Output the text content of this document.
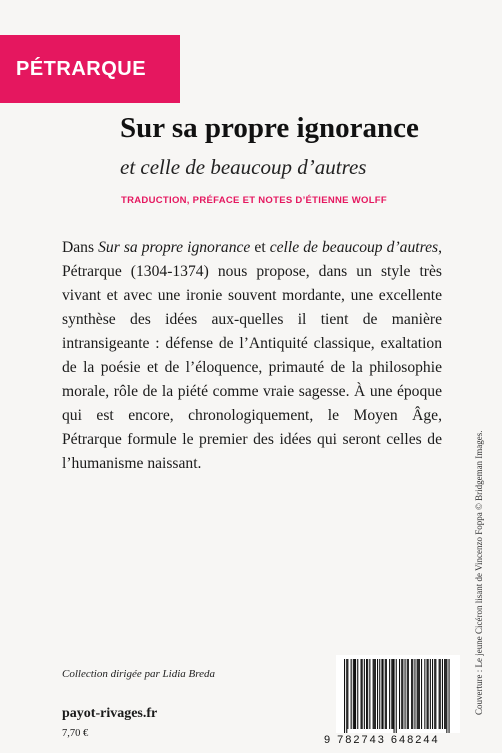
PÉTRARQUE
Sur sa propre ignorance
et celle de beaucoup d’autres
TRADUCTION, PRÉFACE ET NOTES D’ÉTIENNE WOLFF

Dans Sur sa propre ignorance et celle de beaucoup d’autres, Pétrarque (1304-1374) nous propose, dans un style très vivant et avec une ironie souvent mordante, une excellente synthèse des idées aux-quelles il tient de manière intransigeante : défense de l’Antiquité classique, exaltation de la poésie et de l’éloquence, primauté de la philosophie morale, rôle de la piété comme vraie sagesse. À une époque qui est encore, chronologiquement, le Moyen Âge, Pétrarque formule le premier des idées qui seront celles de l’humanisme naissant.	Couverture : Le jeune Cicéron lisant de Vincenzo Foppa © Bridgeman Images.
Collection dirigée par Lidia Breda
payot-rivages.fr
7,70 €
9 782743 648244
